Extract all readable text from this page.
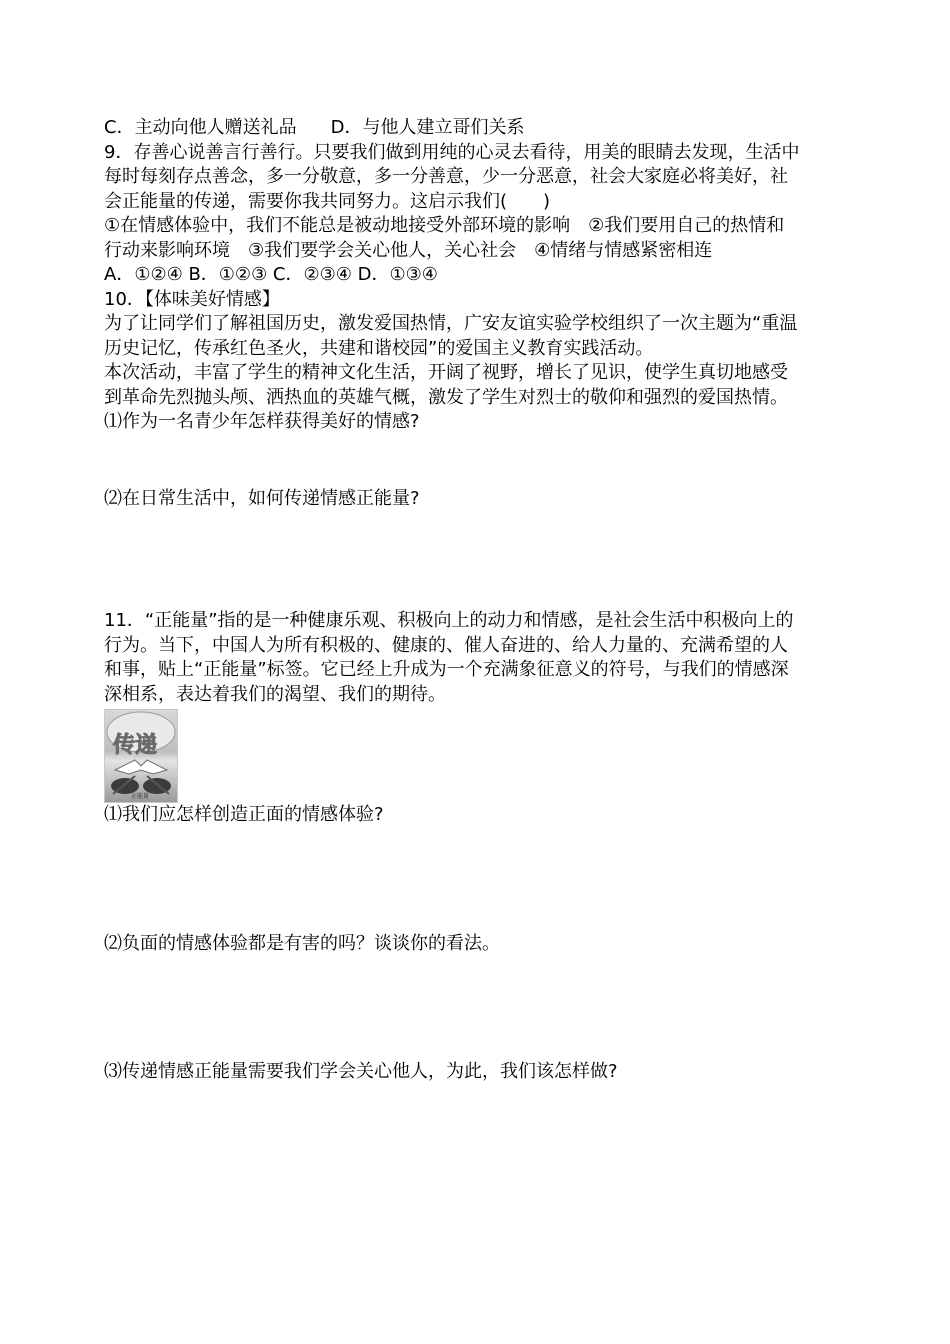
C．主动向他人赠送礼品 D．与他人建立哥们关系
9．存善心说善言行善行。只要我们做到用纯的心灵去看待，用美的眼睛去发现，生活中
每时每刻存点善念，多一分敬意，多一分善意，少一分恶意，社会大家庭必将美好，社
会正能量的传递，需要你我共同努力。这启示我们(　　)
①在情感体验中，我们不能总是被动地接受外部环境的影响　②我们要用自己的热情和
行动来影响环境　③我们要学会关心他人，关心社会　④情绪与情感紧密相连
A．①②④ B．①②③ C．②③④ D．①③④
10．【体味美好情感】
为了让同学们了解祖国历史，激发爱国热情，广安友谊实验学校组织了一次主题为“重温
历史记忆，传承红色圣火，共建和谐校园”的爱国主义教育实践活动。
本次活动，丰富了学生的精神文化生活，开阔了视野，增长了见识，使学生真切地感受
到革命先烈抛头颅、洒热血的英雄气概，激发了学生对烈士的敬仰和强烈的爱国热情。
⑴作为一名青少年怎样获得美好的情感?
⑵在日常生活中，如何传递情感正能量?
11．“正能量”指的是一种健康乐观、积极向上的动力和情感，是社会生活中积极向上的
行为。当下，中国人为所有积极的、健康的、催人奋进的、给人力量的、充满希望的人
和事，贴上“正能量”标签。它已经上升成为一个充满象征意义的符号，与我们的情感深
深相系，表达着我们的渴望、我们的期待。
传递
正能量
⑴我们应怎样创造正面的情感体验?
⑵负面的情感体验都是有害的吗？谈谈你的看法。
⑶传递情感正能量需要我们学会关心他人，为此，我们该怎样做?
